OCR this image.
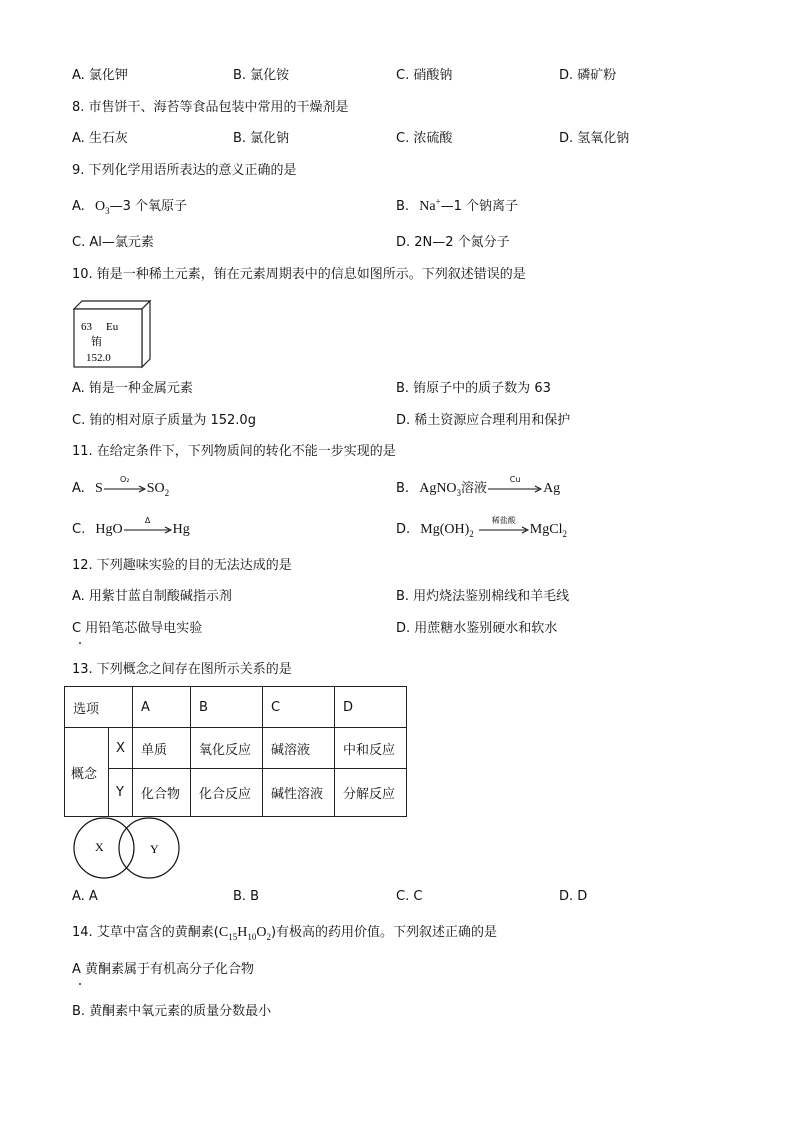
A. 氯化钾	B. 氯化铵	C. 硝酸钠	D. 磷矿粉
8. 市售饼干、海苔等食品包装中常用的干燥剂是
A. 生石灰	B. 氯化钠	C. 浓硫酸	D. 氢氧化钠
9. 下列化学用语所表达的意义正确的是
A. $O_3—3$ 个氧原子	B. Na+—1 个钠离子
C. Al—氯元素	D. 2N—2 个氮分子
10. 铕是一种稀土元素，铕在元素周期表中的信息如图所示。下列叙述错误的是
63 Eu
铕
152.0
A. 铕是一种金属元素	B. 铕原子中的质子数为 63
C. 铕的相对原子质量为 152.0g	D. 稀土资源应合理利用和保护
11. 在给定条件下，下列物质间的转化不能一步实现的是
A. S
O₂
$SO_2$	B. AgNO$_3$溶液
Cu
Ag
C. HgO
Δ
Hg	D. $Mg(OH)_2$
稀盐酸
MgCl$_2$
12. 下列趣味实验的目的无法达成的是
A. 用紫甘蓝自制酸碱指示剂	B. 用灼烧法鉴别棉线和羊毛线
C 用铅笔芯做导电实验	D. 用蔗糖水鉴别硬水和软水
13. 下列概念之间存在图所示关系的是
选项		A	B	C	D
概念	X	单质	氧化反应	碱溶液	中和反应
	Y	化合物	化合反应	碱性溶液	分解反应
X	Y
A. A	B. B	C. C	D. D
14. 艾草中富含的黄酮素$(C_{15}H_{10}O_2)$有极高的药用价值。下列叙述正确的是
A 黄酮素属于有机高分子化合物
B. 黄酮素中氧元素的质量分数最小
